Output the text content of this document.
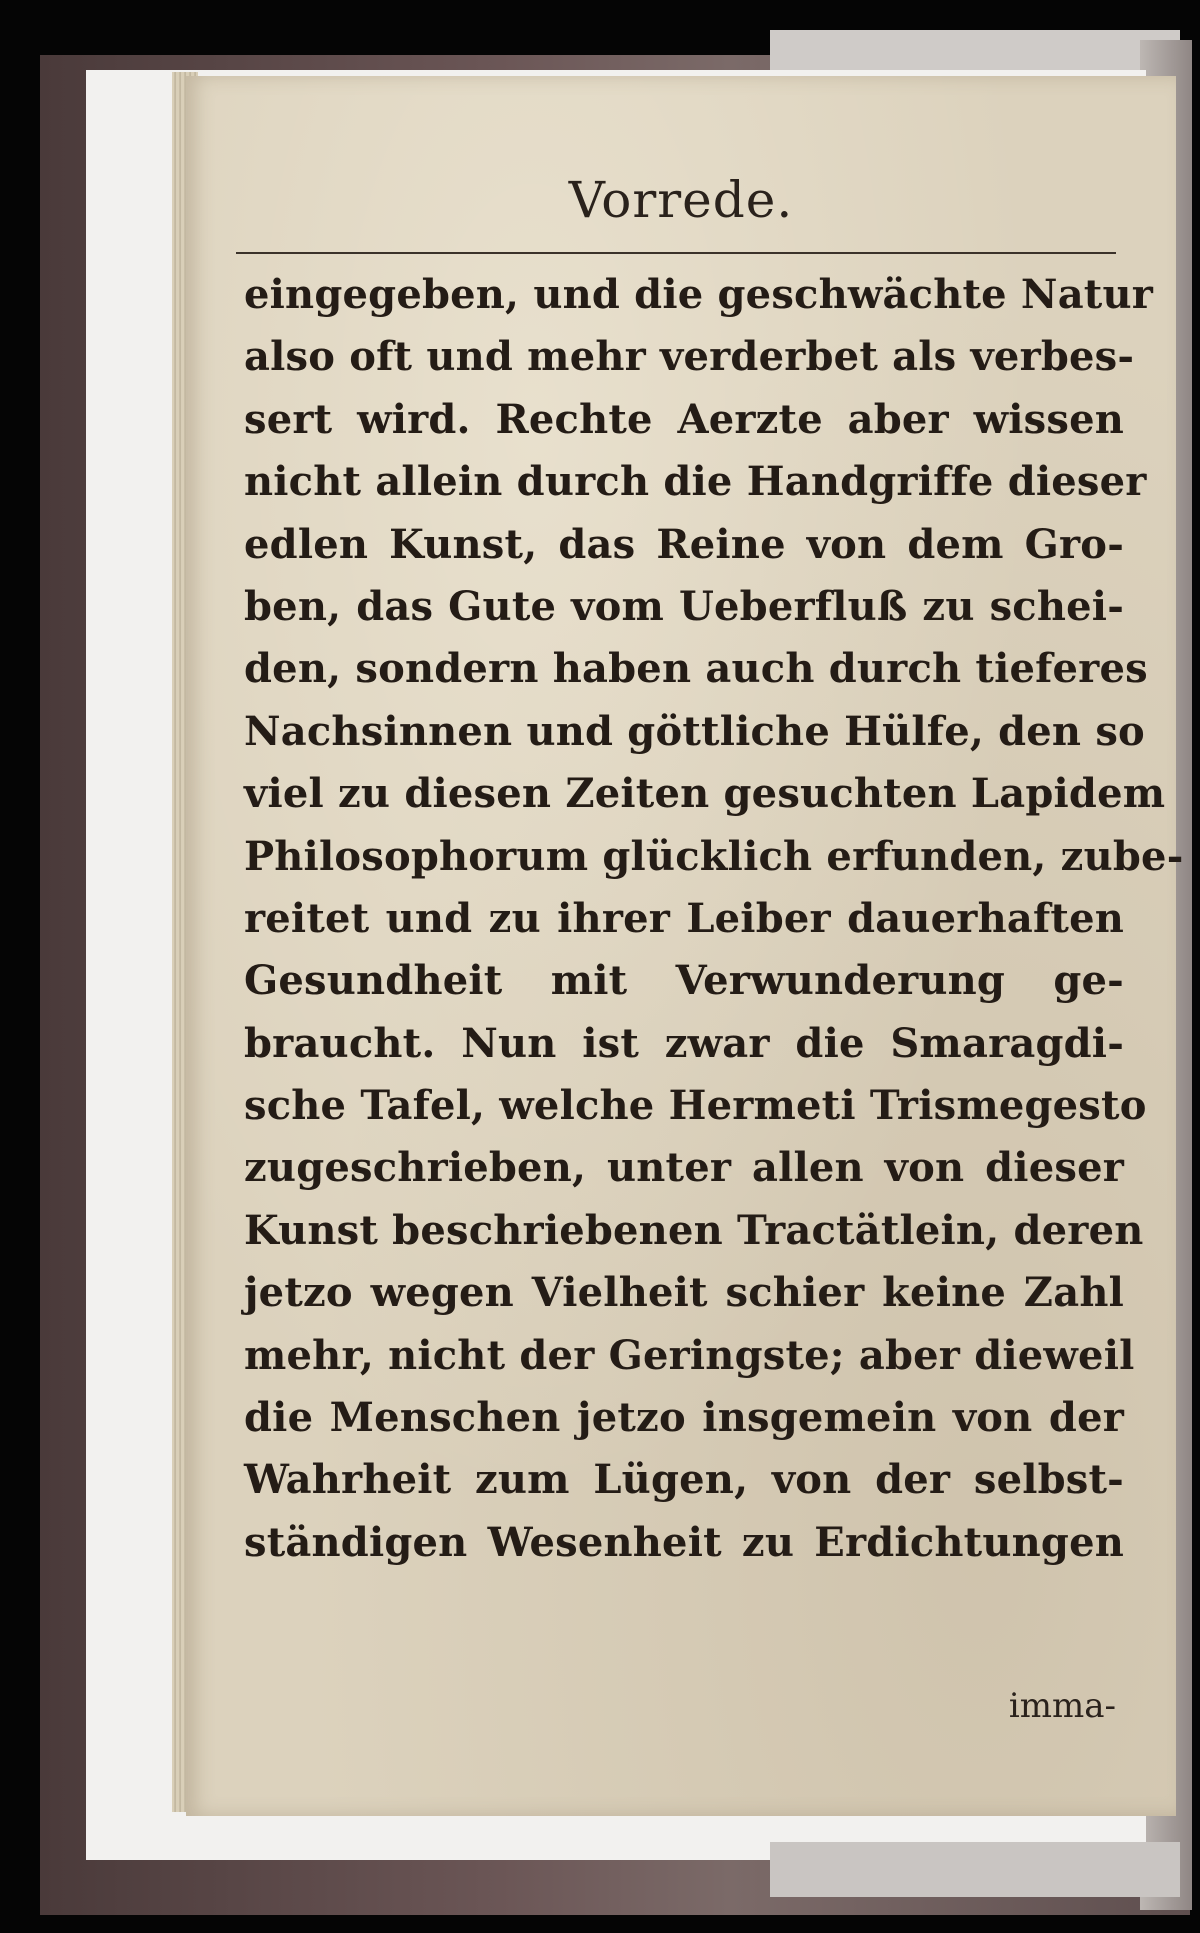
Vorrede.
eingegeben, und die geschwächte Natur
also oft und mehr verderbet als verbes-
sert wird. Rechte Aerzte aber wissen
nicht allein durch die Handgriffe dieser
edlen Kunst, das Reine von dem Gro-
ben, das Gute vom Ueberfluß zu schei-
den, sondern haben auch durch tieferes
Nachsinnen und göttliche Hülfe, den so
viel zu diesen Zeiten gesuchten Lapidem
Philosophorum glücklich erfunden, zube-
reitet und zu ihrer Leiber dauerhaften
Gesundheit mit Verwunderung ge-
braucht. Nun ist zwar die Smaragdi-
sche Tafel, welche Hermeti Trismegesto
zugeschrieben, unter allen von dieser
Kunst beschriebenen Tractätlein, deren
jetzo wegen Vielheit schier keine Zahl
mehr, nicht der Geringste; aber dieweil
die Menschen jetzo insgemein von der
Wahrheit zum Lügen, von der selbst-
ständigen Wesenheit zu Erdichtungen
imma-
